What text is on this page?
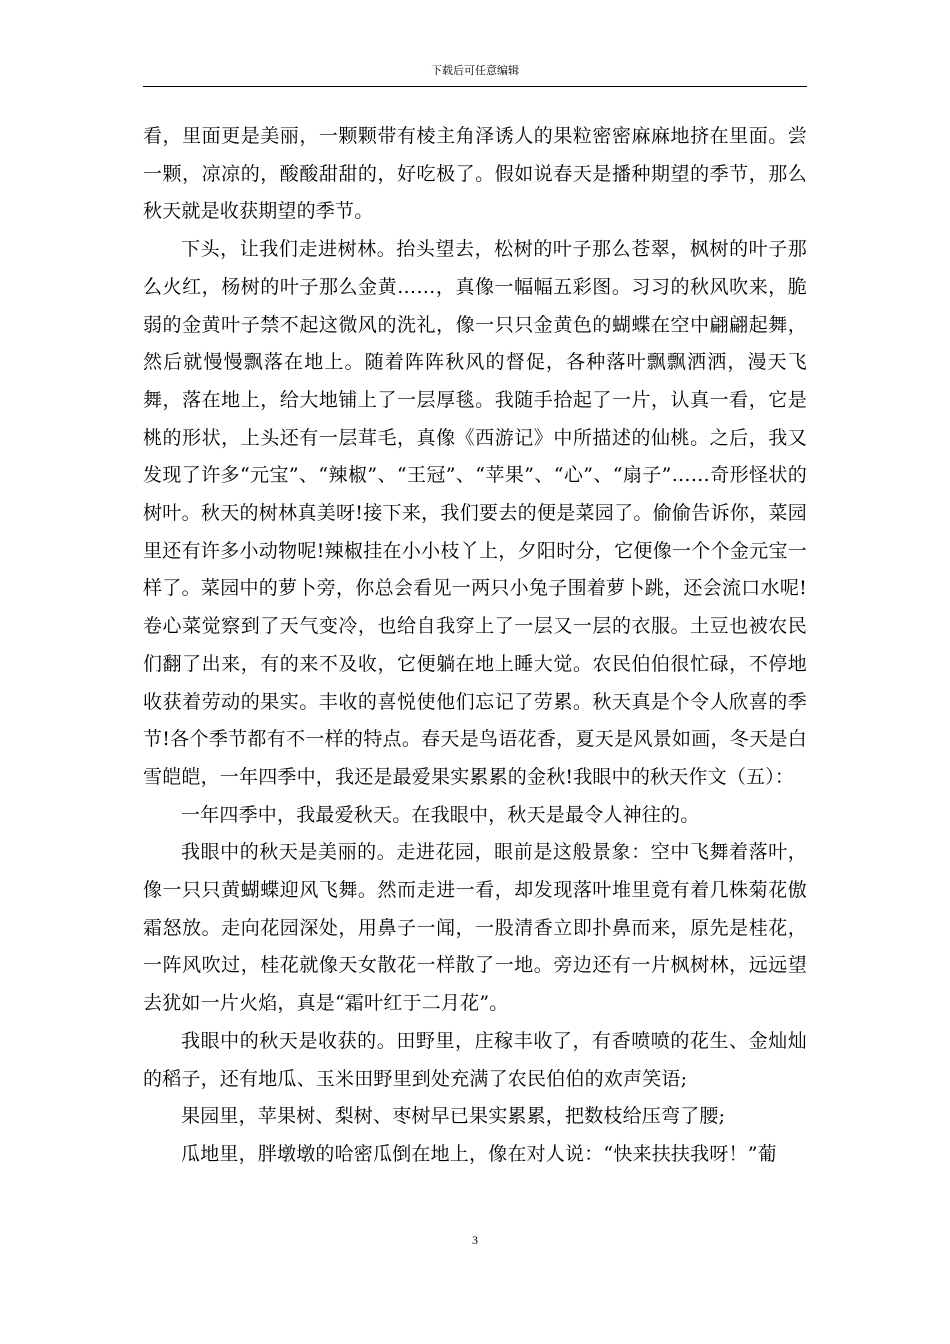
下载后可任意编辑

看，里面更是美丽，一颗颗带有棱主角泽诱人的果粒密密麻麻地挤在里面。尝一颗，凉凉的，酸酸甜甜的，好吃极了。假如说春天是播种期望的季节，那么秋天就是收获期望的季节。

下头，让我们走进树林。抬头望去，松树的叶子那么苍翠，枫树的叶子那么火红，杨树的叶子那么金黄……，真像一幅幅五彩图。习习的秋风吹来，脆弱的金黄叶子禁不起这微风的洗礼，像一只只金黄色的蝴蝶在空中翩翩起舞，然后就慢慢飘落在地上。随着阵阵秋风的督促，各种落叶飘飘洒洒，漫天飞舞，落在地上，给大地铺上了一层厚毯。我随手拾起了一片，认真一看，它是桃的形状，上头还有一层茸毛，真像《西游记》中所描述的仙桃。之后，我又发现了许多“元宝”、“辣椒”、“王冠”、“苹果”、“心”、“扇子”……奇形怪状的树叶。秋天的树林真美呀!接下来，我们要去的便是菜园了。偷偷告诉你，菜园里还有许多小动物呢!辣椒挂在小小枝丫上，夕阳时分，它便像一个个金元宝一样了。菜园中的萝卜旁，你总会看见一两只小兔子围着萝卜跳，还会流口水呢!卷心菜觉察到了天气变冷，也给自我穿上了一层又一层的衣服。土豆也被农民们翻了出来，有的来不及收，它便躺在地上睡大觉。农民伯伯很忙碌，不停地收获着劳动的果实。丰收的喜悦使他们忘记了劳累。秋天真是个令人欣喜的季节!各个季节都有不一样的特点。春天是鸟语花香，夏天是风景如画，冬天是白雪皑皑，一年四季中，我还是最爱果实累累的金秋!我眼中的秋天作文（五）：

一年四季中，我最爱秋天。在我眼中，秋天是最令人神往的。

我眼中的秋天是美丽的。走进花园，眼前是这般景象：空中飞舞着落叶，像一只只黄蝴蝶迎风飞舞。然而走进一看，却发现落叶堆里竟有着几株菊花傲霜怒放。走向花园深处，用鼻子一闻，一股清香立即扑鼻而来，原先是桂花，一阵风吹过，桂花就像天女散花一样散了一地。旁边还有一片枫树林，远远望去犹如一片火焰，真是“霜叶红于二月花”。

我眼中的秋天是收获的。田野里，庄稼丰收了，有香喷喷的花生、金灿灿的稻子，还有地瓜、玉米田野里到处充满了农民伯伯的欢声笑语;

果园里，苹果树、梨树、枣树早已果实累累，把数枝给压弯了腰;

瓜地里，胖墩墩的哈密瓜倒在地上，像在对人说：“快来扶扶我呀！”葡

3
